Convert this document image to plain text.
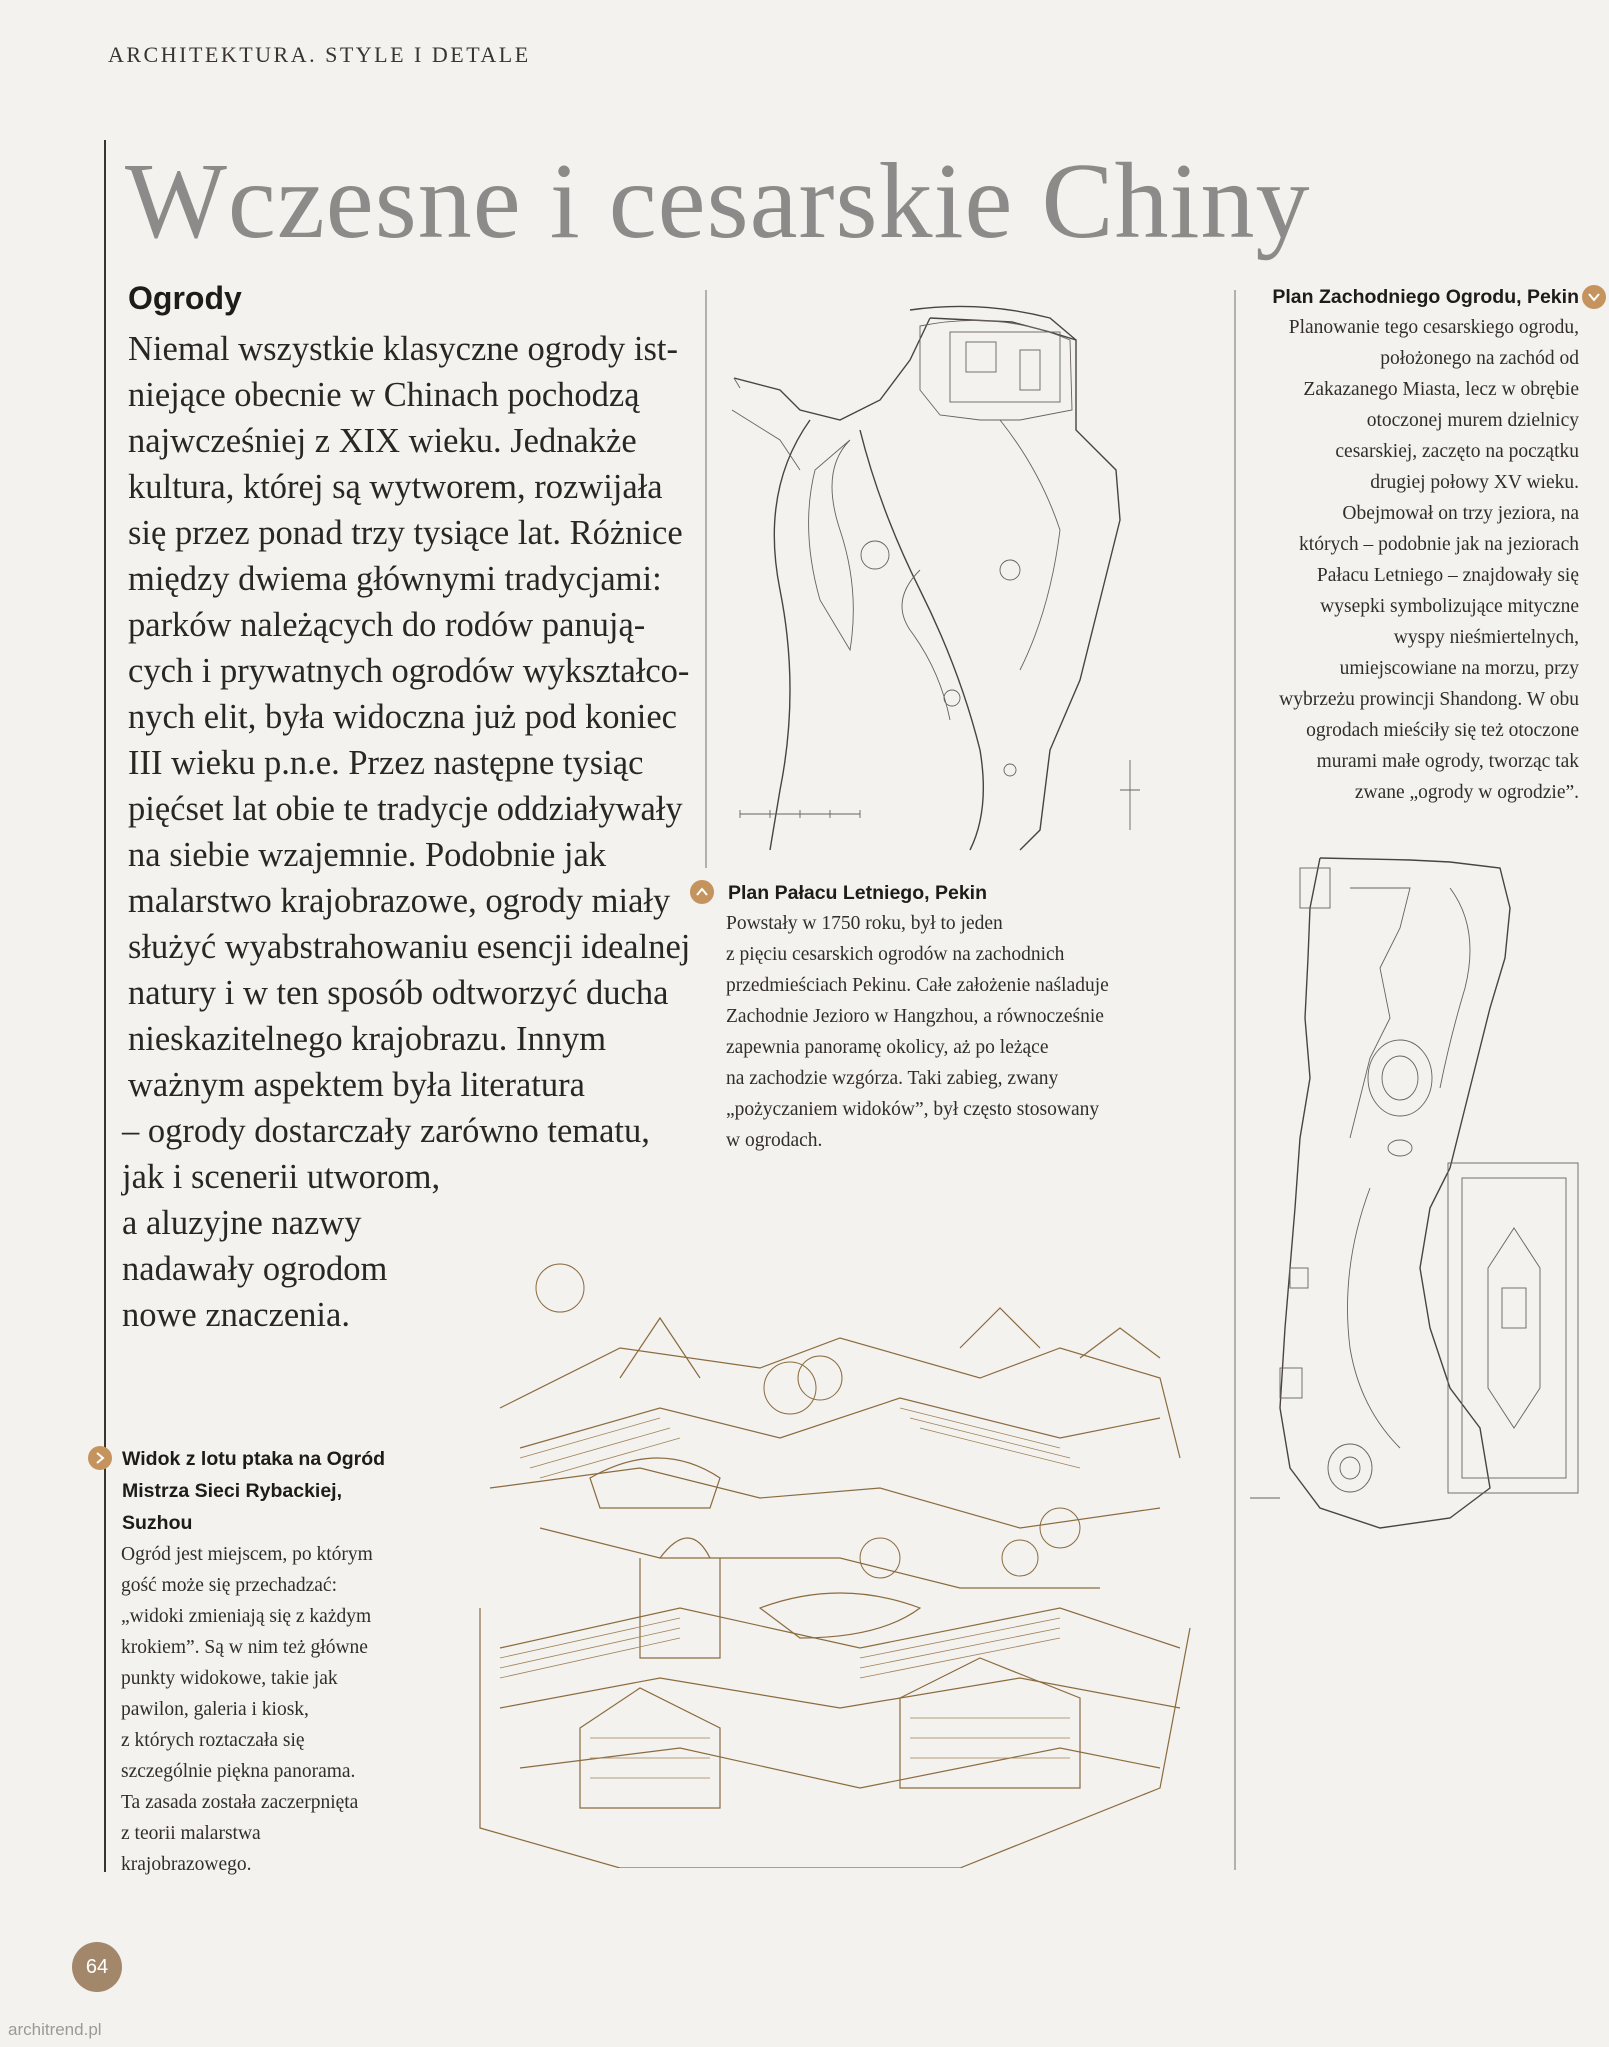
ARCHITEKTURA. STYLE I DETALE
Wczesne i cesarskie Chiny
Ogrody
Niemal wszystkie klasyczne ogrody ist-
niejące obecnie w Chinach pochodzą
najwcześniej z XIX wieku. Jednakże
kultura, której są wytworem, rozwijała
się przez ponad trzy tysiące lat. Różnice
między dwiema głównymi tradycjami:
parków należących do rodów panują-
cych i prywatnych ogrodów wykształco-
nych elit, była widoczna już pod koniec
III wieku p.n.e. Przez następne tysiąc
pięćset lat obie te tradycje oddziaływały
na siebie wzajemnie. Podobnie jak
malarstwo krajobrazowe, ogrody miały
służyć wyabstrahowaniu esencji idealnej
natury i w ten sposób odtworzyć ducha
nieskazitelnego krajobrazu. Innym
ważnym aspektem była literatura
– ogrody dostarczały zarówno tematu,
jak i scenerii utworom,
a aluzyjne nazwy
nadawały ogrodom
nowe znaczenia.
Plan Pałacu Letniego, Pekin
Powstały w 1750 roku, był to jeden
z pięciu cesarskich ogrodów na zachodnich
przedmieściach Pekinu. Całe założenie naśladuje
Zachodnie Jezioro w Hangzhou, a równocześnie
zapewnia panoramę okolicy, aż po leżące
na zachodzie wzgórza. Taki zabieg, zwany
„pożyczaniem widoków”, był często stosowany
w ogrodach.
Plan Zachodniego Ogrodu, Pekin
Planowanie tego cesarskiego ogrodu,
położonego na zachód od
Zakazanego Miasta, lecz w obrębie
otoczonej murem dzielnicy
cesarskiej, zaczęto na początku
drugiej połowy XV wieku.
Obejmował on trzy jeziora, na
których – podobnie jak na jeziorach
Pałacu Letniego – znajdowały się
wysepki symbolizujące mityczne
wyspy nieśmiertelnych,
umiejscowiane na morzu, przy
wybrzeżu prowincji Shandong. W obu
ogrodach mieściły się też otoczone
murami małe ogrody, tworząc tak
zwane „ogrody w ogrodzie”.
Widok z lotu ptaka na Ogród
Mistrza Sieci Rybackiej,
Suzhou
Ogród jest miejscem, po którym
gość może się przechadzać:
„widoki zmieniają się z każdym
krokiem”. Są w nim też główne
punkty widokowe, takie jak
pawilon, galeria i kiosk,
z których roztaczała się
szczególnie piękna panorama.
Ta zasada została zaczerpnięta
z teorii malarstwa
krajobrazowego.
64
architrend.pl
